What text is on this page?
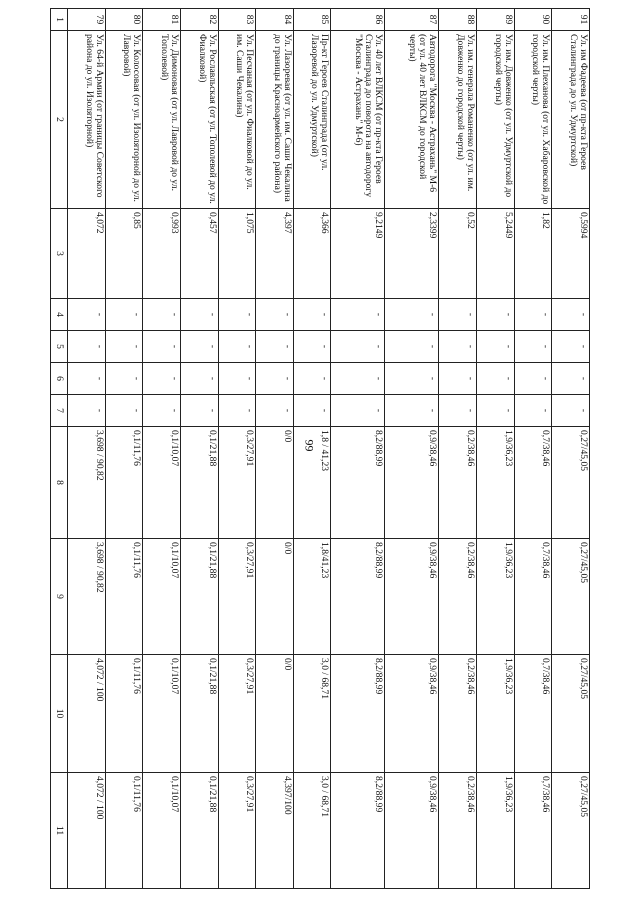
99
91	Ул. им Фадеева (от пр-кта Героев Сталинграда до ул. Удмуртской)	0,5994	-	-	-	-	0,27/45,05	0,27/45,05	0,27/45,05	0,27/45,05
90	Ул. им. Плеханова (от ул. Хабаровской до городской черты)	1,82	-	-	-	-	0,7/38,46	0,7/38,46	0,7/38,46	0,7/38,46
89	Ул. им. Довженко (от ул. Удмуртской до городской черты)	5,2449	-	-	-	-	1,9/36,23	1,9/36,23	1,9/36,23	1,9/36,23
88	Ул. им. генерала Романенко (от ул. им. Довженко до городской черты)	0,52	-	-	-	-	0,2/38,46	0,2/38,46	0,2/38,46	0,2/38,46
87	Автодорога "Москва - Астрахань" М-6 (от ул. 40 лет ВЛКСМ до городской черты)	2,3399	-	-	-	-	0,9/38,46	0,9/38,46	0,9/38,46	0,9/38,46
86	Ул. 40 лет ВЛКСМ (от пр-кта Героев Сталинграда до поворота на автодорогу "Москва - Астрахань" М-6)	9,2149	-	-	-	-	8,2/88,99	8,2/88,99	8,2/88,99	8,2/88,99
85	Пр-кт Героев Сталинграда (от ул. Лазоревой до ул. Удмуртской)	4,366	-	-	-	-	1,8 / 41,23	1,8/41,23	3,0 / 68,71	3,0 / 68,71
84	Ул. Лазоревая (от ул. им. Саши Чекалина до границы Красноармейского района)	4,397	-	-	-	-	0/0	0/0	0/0	4,397/100
83	Ул. Песчаная (от ул. Фиалковой до ул. им. Саши Чекалина)	1,075	-	-	-	-	0,3/27,91	0,3/27,91	0,3/27,91	0,3/27,91
82	Ул. Рославльская (от ул. Тополевой до ул. Фиалковой)	0,457	-	-	-	-	0,1/21,88	0,1/21,88	0,1/21,88	0,1/21,88
81	Ул. Димоновая (от ул. Лавровой до ул. Тополевой)	0,993	-	-	-	-	0,1/10,07	0,1/10,07	0,1/10,07	0,1/10,07
80	Ул. Колосовая (от ул. Изоляторной до ул. Лавровой)	0,85	-	-	-	-	0,1/11,76	0,1/11,76	0,1/11,76	0,1/11,76
79	Ул. 64-й Армии (от границы Советского района до ул. Изоляторной)	4,072	-	-	-	-	3,698 / 90,82	3,698 / 90,82	4,072 / 100	4,072 / 100
1	2	3	4	5	6	7	8	9	10	11
